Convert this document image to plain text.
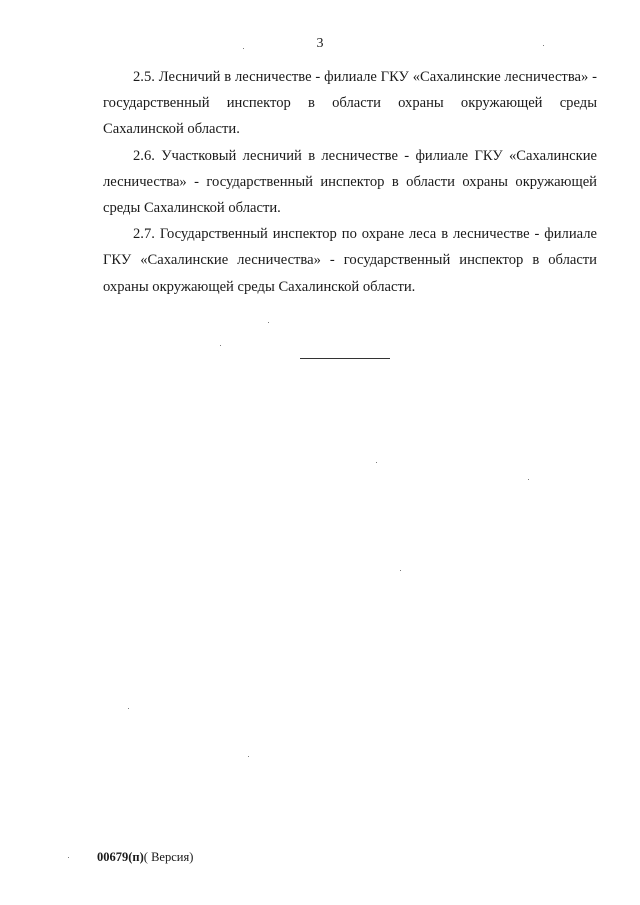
3

2.5. Лесничий в лесничестве - филиале ГКУ «Сахалинские лесничества» - государственный инспектор в области охраны окружающей среды Сахалинской области.

2.6. Участковый лесничий в лесничестве - филиале ГКУ «Сахалинские лесничества» - государственный инспектор в области охраны окружающей среды Сахалинской области.

2.7. Государственный инспектор по охране леса в лесничестве - филиале ГКУ «Сахалинские лесничества» - государственный инспектор в области охраны окружающей среды Сахалинской области.

00679(п)( Версия)
